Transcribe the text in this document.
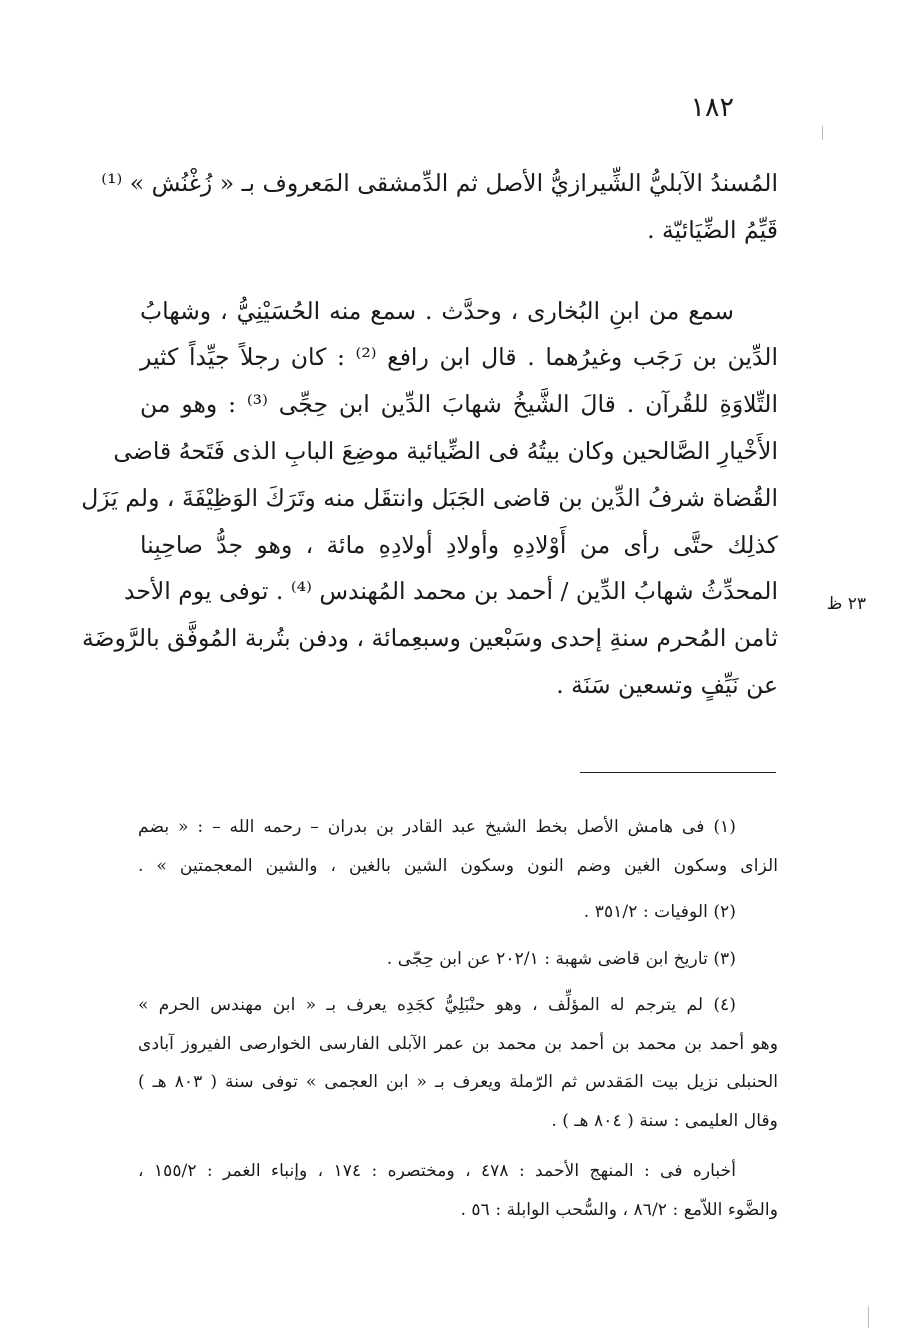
١٨٢
المُسندُ الآبليُّ الشِّيرازيُّ الأصل ثم الدِّمشقى المَعروف بـ « زُغْنُش » ⁽¹⁾
قَيِّمُ الضِّيَائيّة .
سمع من ابنِ البُخارى ، وحدَّث . سمع منه الحُسَيْنِيُّ ، وشهابُ
الدِّين بن رَجَب وغيرُهما . قال ابن رافع ⁽²⁾ : كان رجلاً جيِّداً كثير
التِّلاوَةِ للقُرآن . قالَ الشَّيخُ شهابَ الدِّين ابن حِجِّى ⁽³⁾ : وهو من
الأَخْيارِ الصَّالحين وكان بيتُهُ فى الضِّيائية موضِعَ البابِ الذى فَتَحهُ قاضى
القُضاة شرفُ الدِّين بن قاضى الجَبَل وانتقَل منه وتَرَكَ الوَظِيْفَةَ ، ولم يَزَل
كذلِك حتَّى رأى من أَوْلادِهِ وأولادِ أولادِهِ مائة ، وهو جدُّ صاحِبِنا
المحدِّثُ شهابُ الدِّين / أحمد بن محمد المُهندس ⁽⁴⁾ . توفى يوم الأحد
ثامن المُحرم سنةِ إحدى وسَبْعين وسبعِمائة ، ودفن بتُربة المُوفَّق بالرَّوضَة
عن نَيِّفٍ وتسعين سَنَة .
٢٣ ظ
(١) فى هامش الأصل بخط الشيخ عبد القادر بن بدران – رحمه الله – : « بضم
الزاى وسكون الغين وضم النون وسكون الشين بالغين ، والشين المعجمتين » .
(٢) الوفيات : ٣٥١/٢ .
(٣) تاريخ ابن قاضى شهبة : ٢٠٢/١ عن ابن حِجّى .
(٤) لم يترجم له المؤلِّف ، وهو حنْبَلِيُّ كجَدِه يعرف بـ « ابن مهندس الحرم »
وهو أحمد بن محمد بن أحمد بن محمد بن عمر الآبلى الفارسى الخوارصى الفيروز آبادى
الحنبلى نزيل بيت المَقدس ثم الرّملة ويعرف بـ « ابن العجمى » توفى سنة ( ٨٠٣ هـ )
وقال العليمى : سنة ( ٨٠٤ هـ ) .
أخباره فى : المنهج الأحمد : ٤٧٨ ، ومختصره : ١٧٤ ، وإنباء الغمر : ١٥٥/٢ ،
والضَّوء اللاّمع : ٨٦/٢ ، والسُّحب الوابلة : ٥٦ .
